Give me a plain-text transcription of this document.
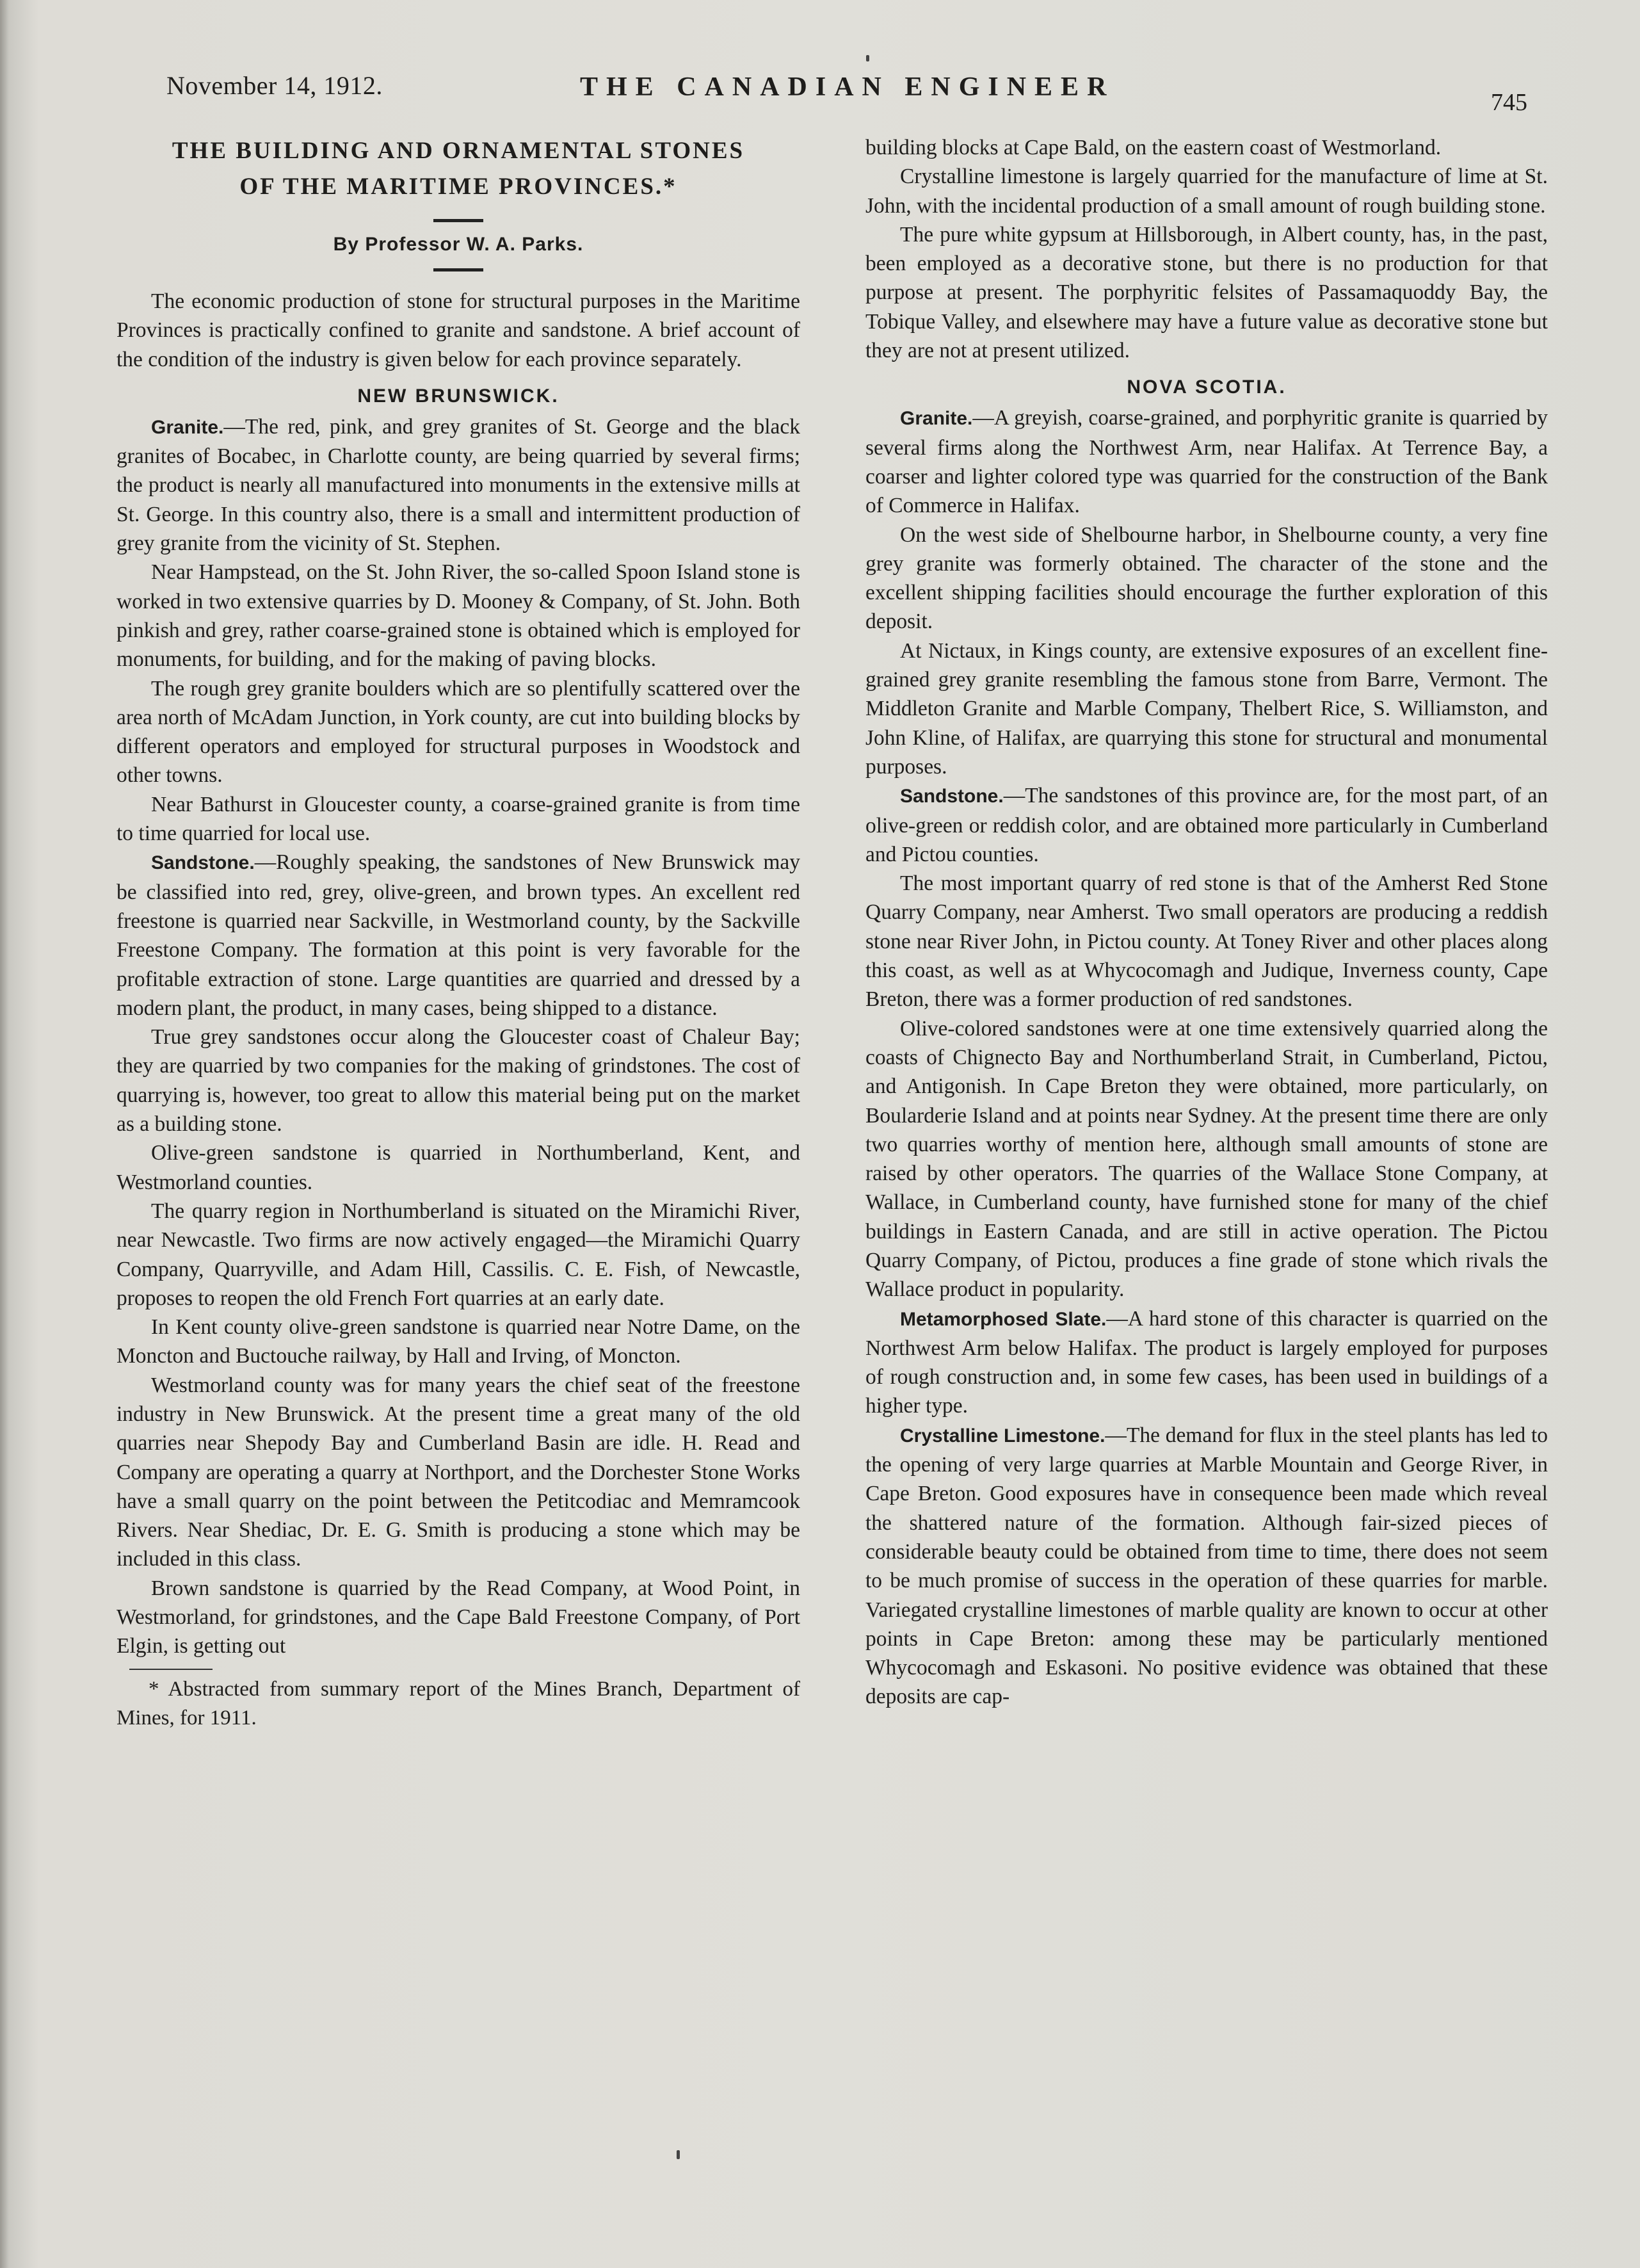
November 14, 1912.	THE CANADIAN ENGINEER
745
THE BUILDING AND ORNAMENTAL STONES
OF THE MARITIME PROVINCES.*
By Professor W. A. Parks.

The economic production of stone for structural purposes in the Maritime Provinces is practically confined to granite and sandstone. A brief account of the condition of the industry is given below for each province separately.

NEW BRUNSWICK.

Granite.—The red, pink, and grey granites of St. George and the black granites of Bocabec, in Charlotte county, are being quarried by several firms; the product is nearly all manufactured into monuments in the extensive mills at St. George. In this country also, there is a small and intermittent production of grey granite from the vicinity of St. Stephen.

Near Hampstead, on the St. John River, the so-called Spoon Island stone is worked in two extensive quarries by D. Mooney & Company, of St. John. Both pinkish and grey, rather coarse-grained stone is obtained which is employed for monuments, for building, and for the making of paving blocks.

The rough grey granite boulders which are so plentifully scattered over the area north of McAdam Junction, in York county, are cut into building blocks by different operators and employed for structural purposes in Woodstock and other towns.

Near Bathurst in Gloucester county, a coarse-grained granite is from time to time quarried for local use.

Sandstone.—Roughly speaking, the sandstones of New Brunswick may be classified into red, grey, olive-green, and brown types. An excellent red freestone is quarried near Sackville, in Westmorland county, by the Sackville Freestone Company. The formation at this point is very favorable for the profitable extraction of stone. Large quantities are quarried and dressed by a modern plant, the product, in many cases, being shipped to a distance.

True grey sandstones occur along the Gloucester coast of Chaleur Bay; they are quarried by two companies for the making of grindstones. The cost of quarrying is, however, too great to allow this material being put on the market as a building stone.

Olive-green sandstone is quarried in Northumberland, Kent, and Westmorland counties.

The quarry region in Northumberland is situated on the Miramichi River, near Newcastle. Two firms are now actively engaged—the Miramichi Quarry Company, Quarryville, and Adam Hill, Cassilis. C. E. Fish, of Newcastle, proposes to reopen the old French Fort quarries at an early date.

In Kent county olive-green sandstone is quarried near Notre Dame, on the Moncton and Buctouche railway, by Hall and Irving, of Moncton.

Westmorland county was for many years the chief seat of the freestone industry in New Brunswick. At the present time a great many of the old quarries near Shepody Bay and Cumberland Basin are idle. H. Read and Company are operating a quarry at Northport, and the Dorchester Stone Works have a small quarry on the point between the Petitcodiac and Memramcook Rivers. Near Shediac, Dr. E. G. Smith is producing a stone which may be included in this class.

Brown sandstone is quarried by the Read Company, at Wood Point, in Westmorland, for grindstones, and the Cape Bald Freestone Company, of Port Elgin, is getting out

* Abstracted from summary report of the Mines Branch, Department of Mines, for 1911.

building blocks at Cape Bald, on the eastern coast of Westmorland.

Crystalline limestone is largely quarried for the manufacture of lime at St. John, with the incidental production of a small amount of rough building stone.

The pure white gypsum at Hillsborough, in Albert county, has, in the past, been employed as a decorative stone, but there is no production for that purpose at present. The porphyritic felsites of Passamaquoddy Bay, the Tobique Valley, and elsewhere may have a future value as decorative stone but they are not at present utilized.

NOVA SCOTIA.

Granite.—A greyish, coarse-grained, and porphyritic granite is quarried by several firms along the Northwest Arm, near Halifax. At Terrence Bay, a coarser and lighter colored type was quarried for the construction of the Bank of Commerce in Halifax.

On the west side of Shelbourne harbor, in Shelbourne county, a very fine grey granite was formerly obtained. The character of the stone and the excellent shipping facilities should encourage the further exploration of this deposit.

At Nictaux, in Kings county, are extensive exposures of an excellent fine-grained grey granite resembling the famous stone from Barre, Vermont. The Middleton Granite and Marble Company, Thelbert Rice, S. Williamston, and John Kline, of Halifax, are quarrying this stone for structural and monumental purposes.

Sandstone.—The sandstones of this province are, for the most part, of an olive-green or reddish color, and are obtained more particularly in Cumberland and Pictou counties.

The most important quarry of red stone is that of the Amherst Red Stone Quarry Company, near Amherst. Two small operators are producing a reddish stone near River John, in Pictou county. At Toney River and other places along this coast, as well as at Whycocomagh and Judique, Inverness county, Cape Breton, there was a former production of red sandstones.

Olive-colored sandstones were at one time extensively quarried along the coasts of Chignecto Bay and Northumberland Strait, in Cumberland, Pictou, and Antigonish. In Cape Breton they were obtained, more particularly, on Boularderie Island and at points near Sydney. At the present time there are only two quarries worthy of mention here, although small amounts of stone are raised by other operators. The quarries of the Wallace Stone Company, at Wallace, in Cumberland county, have furnished stone for many of the chief buildings in Eastern Canada, and are still in active operation. The Pictou Quarry Company, of Pictou, produces a fine grade of stone which rivals the Wallace product in popularity.

Metamorphosed Slate.—A hard stone of this character is quarried on the Northwest Arm below Halifax. The product is largely employed for purposes of rough construction and, in some few cases, has been used in buildings of a higher type.

Crystalline Limestone.—The demand for flux in the steel plants has led to the opening of very large quarries at Marble Mountain and George River, in Cape Breton. Good exposures have in consequence been made which reveal the shattered nature of the formation. Although fair-sized pieces of considerable beauty could be obtained from time to time, there does not seem to be much promise of success in the operation of these quarries for marble. Variegated crystalline limestones of marble quality are known to occur at other points in Cape Breton: among these may be particularly mentioned Whycocomagh and Eskasoni. No positive evidence was obtained that these deposits are cap-
